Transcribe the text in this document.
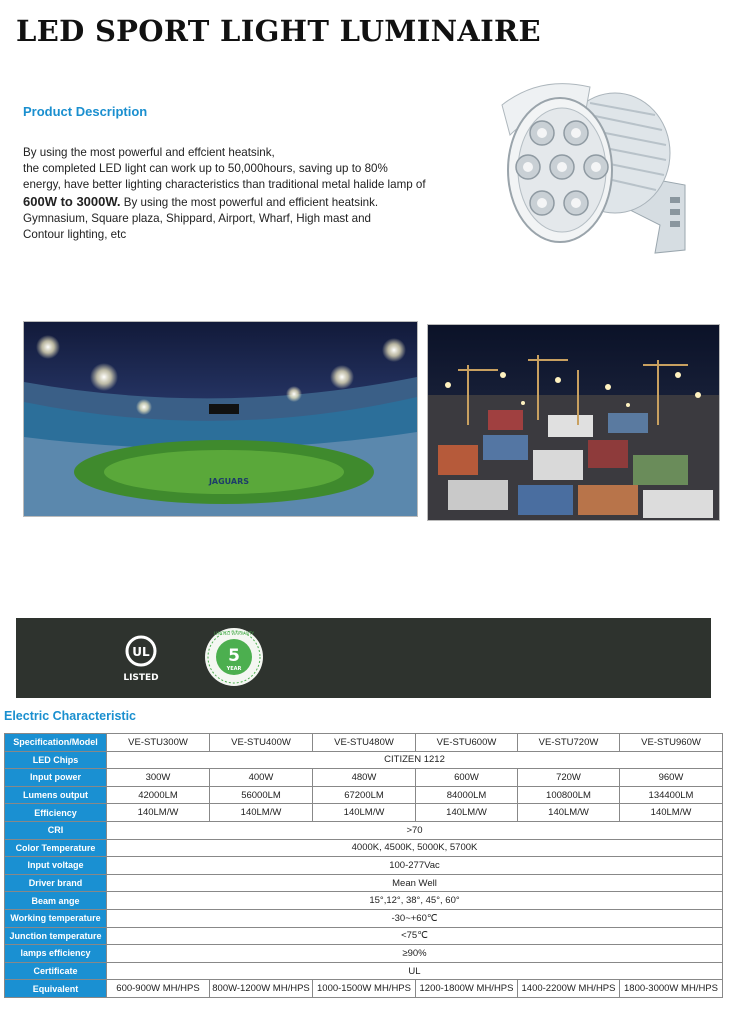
LED SPORT LIGHT LUMINAIRE
Product Description
By using the most powerful and effcient heatsink,
the completed LED light can work up to 50,000hours, saving up to 80%
energy, have better lighting characteristics than traditional metal halide lamp of
600W to 3000W. By using the most powerful and efficient heatsink.
Gymnasium, Square plaza, Shippard, Airport, Wharf, High mast and
Contour lighting, etc
JAGUARS
UL
LISTED
5
YEAR
LIMITED WARRANTY
Electric Characteristic
Specification/Model	VE-STU300W	VE-STU400W	VE-STU480W	VE-STU600W	VE-STU720W	VE-STU960W
LED Chips	CITIZEN 1212					
Input power	300W	400W	480W	600W	720W	960W
Lumens output	42000LM	56000LM	67200LM	84000LM	100800LM	134400LM
Efficiency	140LM/W	140LM/W	140LM/W	140LM/W	140LM/W	140LM/W
CRI	>70					
Color Temperature	4000K, 4500K, 5000K, 5700K					
Input voltage	100-277Vac					
Driver brand	Mean Well					
Beam ange	15°,12°, 38°, 45°, 60°					
Working temperature	-30~+60℃					
Junction temperature	<75℃					
lamps efficiency	≥90%					
Certificate	UL					
Equivalent	600-900W MH/HPS	800W-1200W MH/HPS	1000-1500W MH/HPS	1200-1800W MH/HPS	1400-2200W MH/HPS	1800-3000W MH/HPS
